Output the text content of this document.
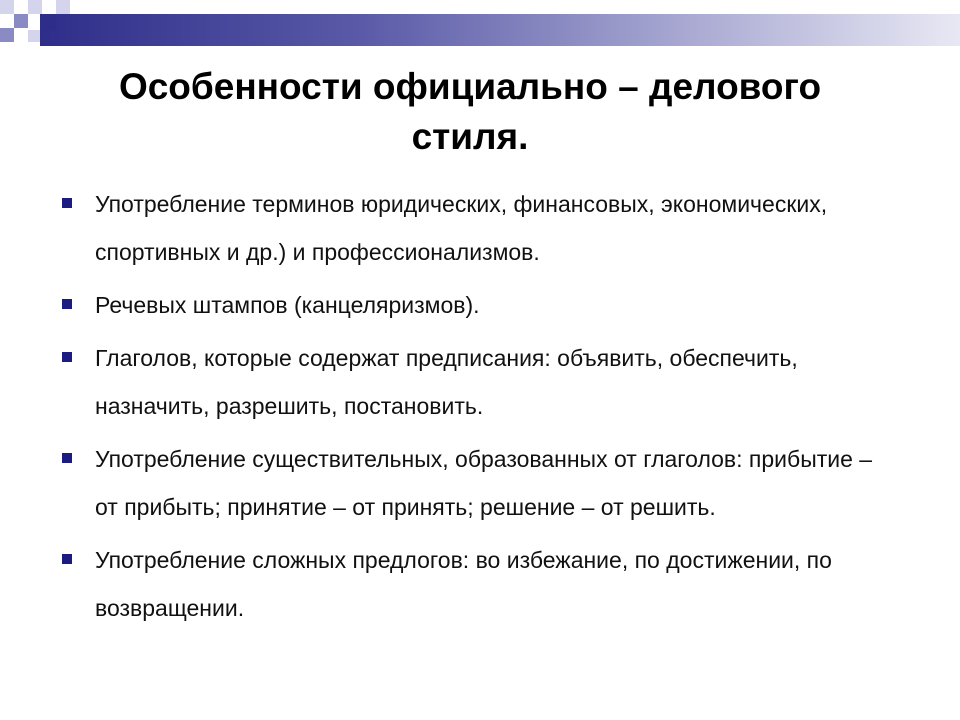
Особенности официально – делового
стиля.
Употребление терминов юридических, финансовых, экономических, спортивных и др.) и профессионализмов.
Речевых штампов (канцеляризмов).
Глаголов, которые содержат предписания: объявить, обеспечить, назначить, разрешить, постановить.
Употребление существительных, образованных от глаголов: прибытие – от прибыть; принятие – от принять; решение – от решить.
Употребление сложных предлогов: во избежание, по достижении, по возвращении.
